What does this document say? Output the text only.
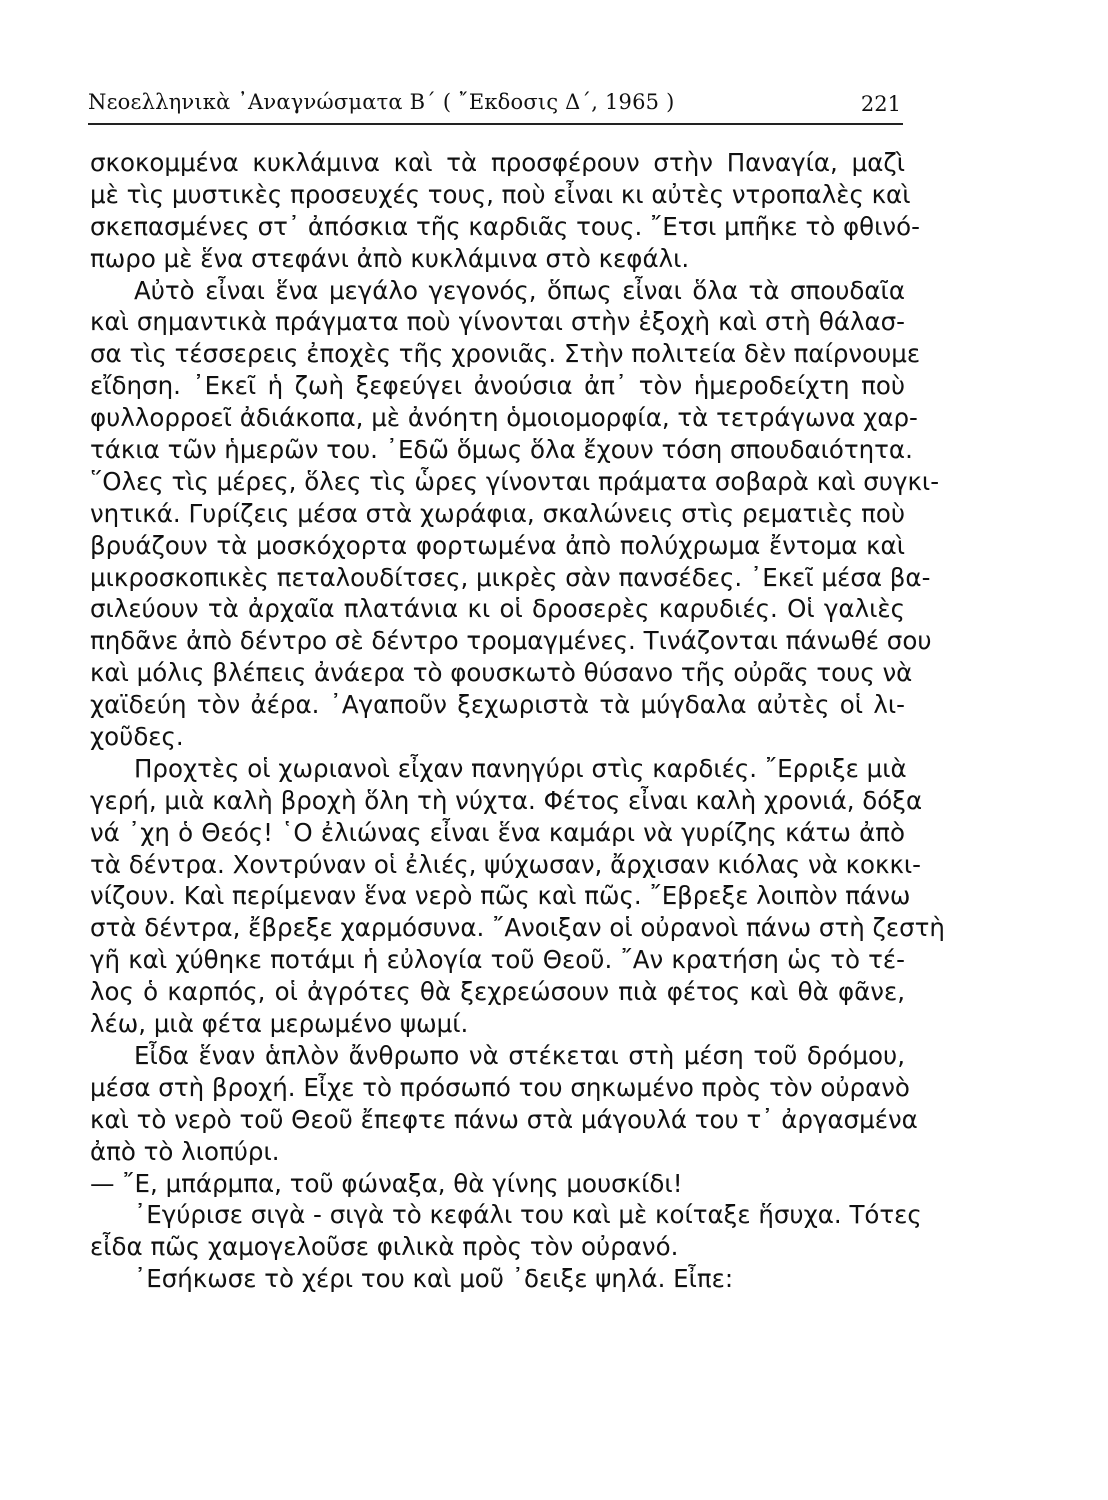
Νεοελληνικὰ ᾿Αναγνώσματα Β΄ ( ῎Εκδοσις Δ΄, 1965 )	221
σκοκομμένα κυκλάμινα καὶ τὰ προσφέρουν στὴν Παναγία, μαζὶ
μὲ τὶς μυστικὲς προσευχές τους, ποὺ εἶναι κι αὐτὲς ντροπαλὲς καὶ
σκεπασμένες στ᾿ ἀπόσκια τῆς καρδιᾶς τους. ῎Ετσι μπῆκε τὸ φθινό-
πωρο μὲ ἕνα στεφάνι ἀπὸ κυκλάμινα στὸ κεφάλι.
Αὐτὸ εἶναι ἕνα μεγάλο γεγονός, ὅπως εἶναι ὅλα τὰ σπουδαῖα
καὶ σημαντικὰ πράγματα ποὺ γίνονται στὴν ἐξοχὴ καὶ στὴ θάλασ-
σα τὶς τέσσερεις ἐποχὲς τῆς χρονιᾶς. Στὴν πολιτεία δὲν παίρνουμε
εἴδηση. ᾿Εκεῖ ἡ ζωὴ ξεφεύγει ἀνούσια ἀπ᾿ τὸν ἡμεροδείχτη ποὺ
φυλλορροεῖ ἀδιάκοπα, μὲ ἀνόητη ὁμοιομορφία, τὰ τετράγωνα χαρ-
τάκια τῶν ἡμερῶν του. ᾿Εδῶ ὅμως ὅλα ἔχουν τόση σπουδαιότητα.
῞Ολες τὶς μέρες, ὅλες τὶς ὧρες γίνονται πράματα σοβαρὰ καὶ συγκι-
νητικά. Γυρίζεις μέσα στὰ χωράφια, σκαλώνεις στὶς ρεματιὲς ποὺ
βρυάζουν τὰ μοσκόχορτα φορτωμένα ἀπὸ πολύχρωμα ἔντομα καὶ
μικροσκοπικὲς πεταλουδίτσες, μικρὲς σὰν πανσέδες. ᾿Εκεῖ μέσα βα-
σιλεύουν τὰ ἀρχαῖα πλατάνια κι οἱ δροσερὲς καρυδιές. Οἱ γαλιὲς
πηδᾶνε ἀπὸ δέντρο σὲ δέντρο τρομαγμένες. Τινάζονται πάνωθέ σου
καὶ μόλις βλέπεις ἀνάερα τὸ φουσκωτὸ θύσανο τῆς οὐρᾶς τους νὰ
χαϊδεύη τὸν ἀέρα. ᾿Αγαποῦν ξεχωριστὰ τὰ μύγδαλα αὐτὲς οἱ λι-
χοῦδες.
Προχτὲς οἱ χωριανοὶ εἶχαν πανηγύρι στὶς καρδιές. ῎Ερριξε μιὰ
γερή, μιὰ καλὴ βροχὴ ὅλη τὴ νύχτα. Φέτος εἶναι καλὴ χρονιά, δόξα
νά ᾿χη ὁ Θεός! ῾Ο ἐλιώνας εἶναι ἕνα καμάρι νὰ γυρίζης κάτω ἀπὸ
τὰ δέντρα. Χοντρύναν οἱ ἐλιές, ψύχωσαν, ἄρχισαν κιόλας νὰ κοκκι-
νίζουν. Καὶ περίμεναν ἕνα νερὸ πῶς καὶ πῶς. ῎Εβρεξε λοιπὸν πάνω
στὰ δέντρα, ἔβρεξε χαρμόσυνα. ῎Ανοιξαν οἱ οὐρανοὶ πάνω στὴ ζεστὴ
γῆ καὶ χύθηκε ποτάμι ἡ εὐλογία τοῦ Θεοῦ. ῎Αν κρατήση ὡς τὸ τέ-
λος ὁ καρπός, οἱ ἀγρότες θὰ ξεχρεώσουν πιὰ φέτος καὶ θὰ φᾶνε,
λέω, μιὰ φέτα μερωμένο ψωμί.
Εἶδα ἕναν ἁπλὸν ἄνθρωπο νὰ στέκεται στὴ μέση τοῦ δρόμου,
μέσα στὴ βροχή. Εἶχε τὸ πρόσωπό του σηκωμένο πρὸς τὸν οὐρανὸ
καὶ τὸ νερὸ τοῦ Θεοῦ ἔπεφτε πάνω στὰ μάγουλά του τ᾿ ἀργασμένα
ἀπὸ τὸ λιοπύρι.
— ῎Ε, μπάρμπα, τοῦ φώναξα, θὰ γίνης μουσκίδι!
᾿Εγύρισε σιγὰ - σιγὰ τὸ κεφάλι του καὶ μὲ κοίταξε ἥσυχα. Τότες
εἶδα πῶς χαμογελοῦσε φιλικὰ πρὸς τὸν οὐρανό.
᾿Εσήκωσε τὸ χέρι του καὶ μοῦ ᾿δειξε ψηλά. Εἶπε:
